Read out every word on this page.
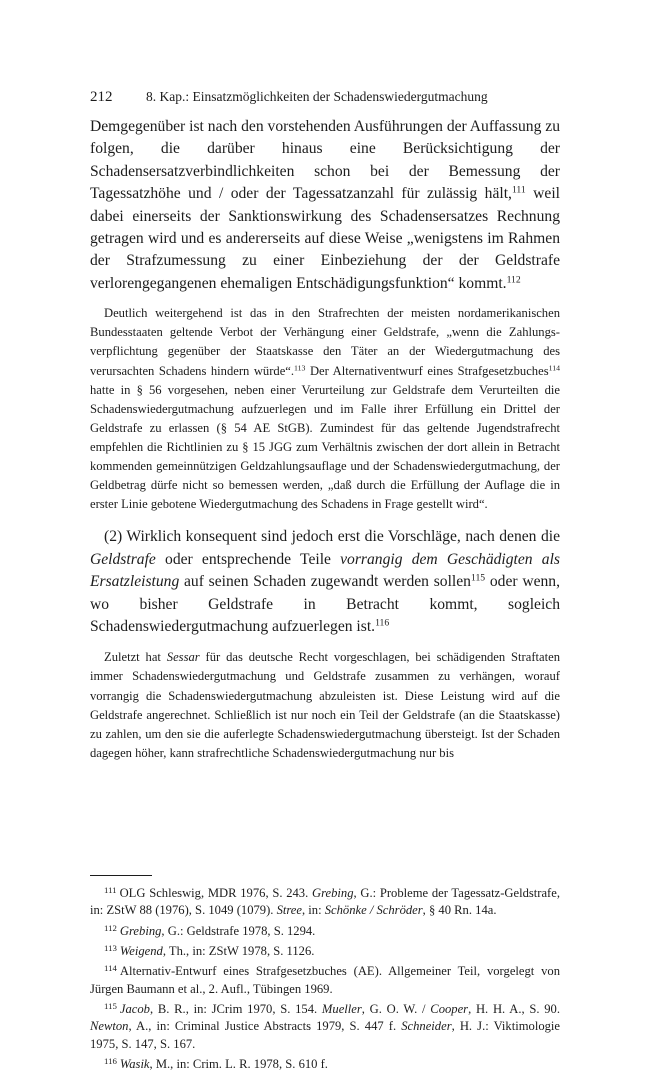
212	8. Kap.: Einsatzmöglichkeiten der Schadenswiedergutmachung

Demgegenüber ist nach den vorstehenden Ausführungen der Auffassung zu folgen, die darüber hinaus eine Berücksichtigung der Schadensersatzverbindlichkeiten schon bei der Bemessung der Tagessatzhöhe und / oder der Tagessatzanzahl für zulässig hält,$^{111}$ weil dabei einerseits der Sanktionswirkung des Schadensersatzes Rechnung getragen wird und es andererseits auf diese Weise „wenigstens im Rahmen der Strafzumessung zu einer Einbeziehung der der Geldstrafe verlorengegangenen ehemaligen Entschädigungsfunktion“ kommt.$^{112}$

Deutlich weitergehend ist das in den Strafrechten der meisten nordamerikanischen Bundesstaaten geltende Verbot der Verhängung einer Geldstrafe, „wenn die Zahlungsverpflichtung gegenüber der Staatskasse den Täter an der Wiedergutmachung des verursachten Schadens hindern würde“.$^{113}$ Der Alternativentwurf eines Strafgesetzbuches$^{114}$ hatte in § 56 vorgesehen, neben einer Verurteilung zur Geldstrafe dem Verurteilten die Schadenswiedergutmachung aufzuerlegen und im Falle ihrer Erfüllung ein Drittel der Geldstrafe zu erlassen (§ 54 AE StGB). Zumindest für das geltende Jugendstrafrecht empfehlen die Richtlinien zu § 15 JGG zum Verhältnis zwischen der dort allein in Betracht kommenden gemeinnützigen Geldzahlungsauflage und der Schadenswiedergutmachung, der Geldbetrag dürfe nicht so bemessen werden, „daß durch die Erfüllung der Auflage die in erster Linie gebotene Wiedergutmachung des Schadens in Frage gestellt wird“.

(2) Wirklich konsequent sind jedoch erst die Vorschläge, nach denen die Geldstrafe oder entsprechende Teile vorrangig dem Geschädigten als Ersatzleistung auf seinen Schaden zugewandt werden sollen$^{115}$ oder wenn, wo bisher Geldstrafe in Betracht kommt, sogleich Schadenswiedergutmachung aufzuerlegen ist.$^{116}$

Zuletzt hat Sessar für das deutsche Recht vorgeschlagen, bei schädigenden Straftaten immer Schadenswiedergutmachung und Geldstrafe zusammen zu verhängen, worauf vorrangig die Schadenswiedergutmachung abzuleisten ist. Diese Leistung wird auf die Geldstrafe angerechnet. Schließlich ist nur noch ein Teil der Geldstrafe (an die Staatskasse) zu zahlen, um den sie die auferlegte Schadenswiedergutmachung übersteigt. Ist der Schaden dagegen höher, kann strafrechtliche Schadenswiedergutmachung nur bis

$^{111}$ OLG Schleswig, MDR 1976, S. 243. Grebing, G.: Probleme der Tagessatz-Geldstrafe, in: ZStW 88 (1976), S. 1049 (1079). Stree, in: Schönke / Schröder, § 40 Rn. 14a.

$^{112}$ Grebing, G.: Geldstrafe 1978, S. 1294.

$^{113}$ Weigend, Th., in: ZStW 1978, S. 1126.

$^{114}$ Alternativ-Entwurf eines Strafgesetzbuches (AE). Allgemeiner Teil, vorgelegt von Jürgen Baumann et al., 2. Aufl., Tübingen 1969.

$^{115}$ Jacob, B. R., in: JCrim 1970, S. 154. Mueller, G. O. W. / Cooper, H. H. A., S. 90. Newton, A., in: Criminal Justice Abstracts 1979, S. 447 f. Schneider, H. J.: Viktimologie 1975, S. 147, S. 167.

$^{116}$ Wasik, M., in: Crim. L. R. 1978, S. 610 f.
